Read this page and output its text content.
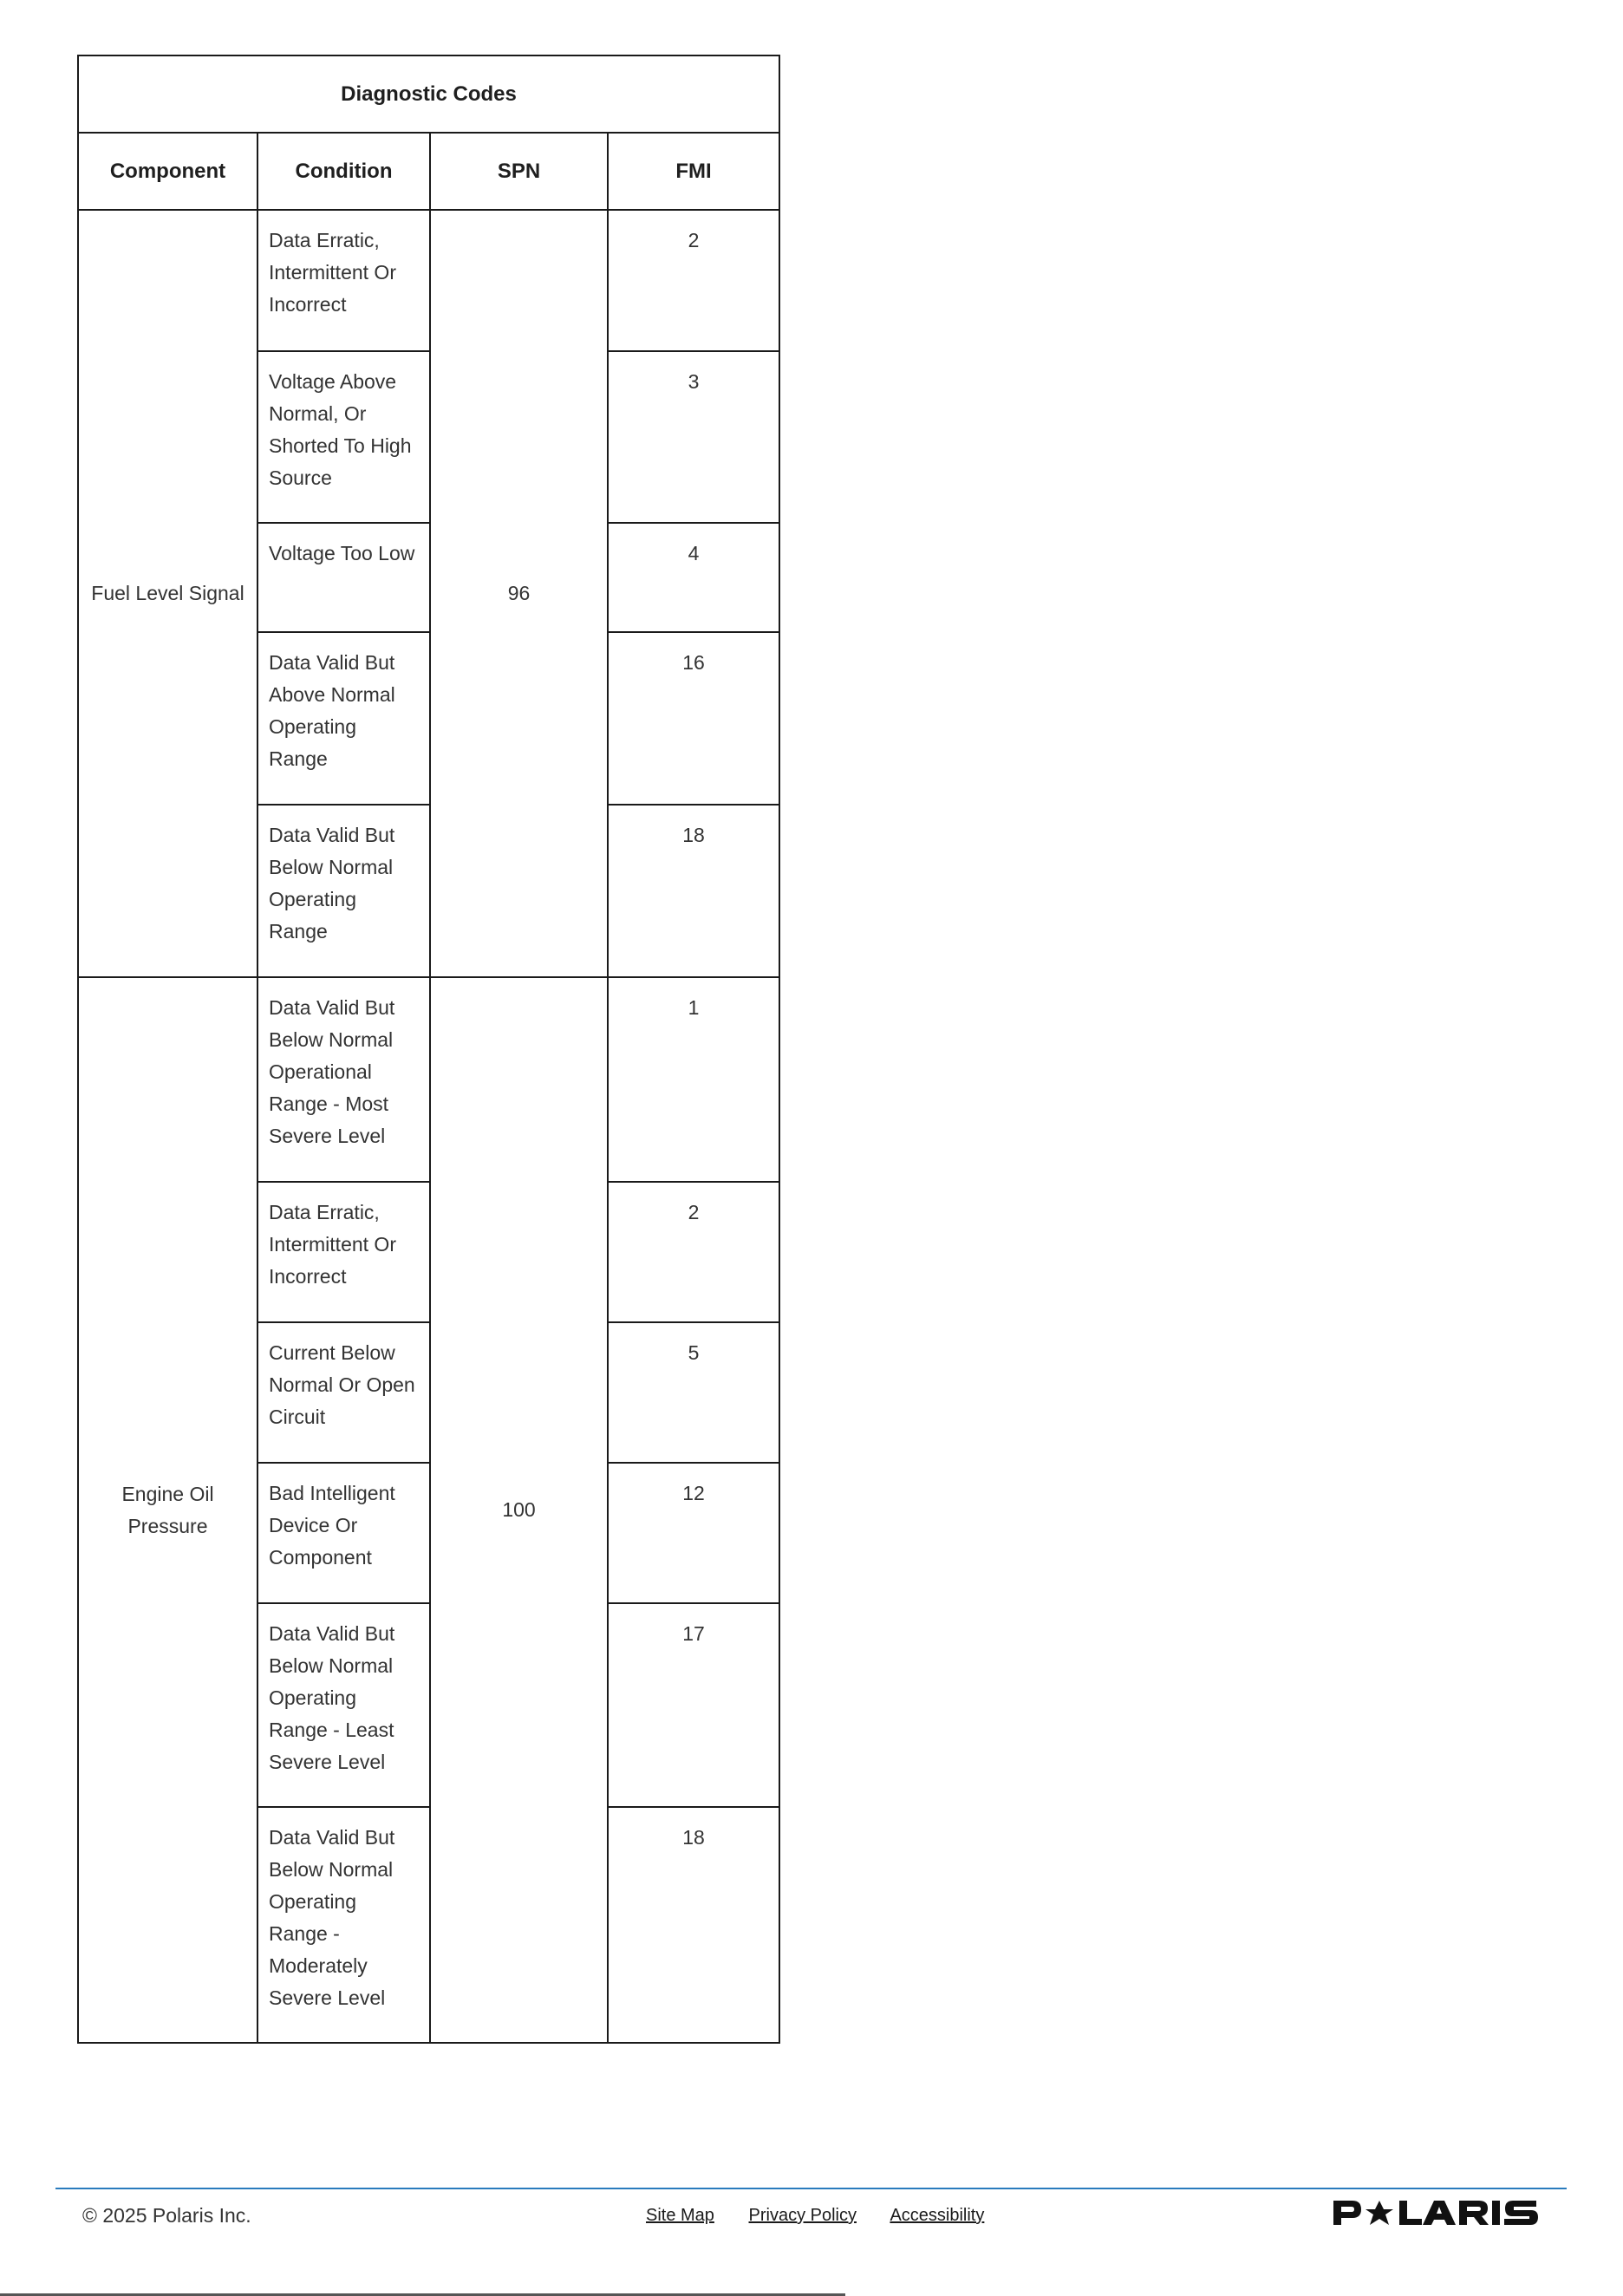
Diagnostic Codes			
Component	Condition	SPN	FMI
Fuel Level Signal	Data Erratic, Intermittent Or Incorrect	96	2
	Voltage Above Normal, Or Shorted To High Source		3
	Voltage Too Low		4
	Data Valid But Above Normal Operating Range		16
	Data Valid But Below Normal Operating Range		18
Engine Oil Pressure	Data Valid But Below Normal Operational Range - Most Severe Level	100	1
	Data Erratic, Intermittent Or Incorrect		2
	Current Below Normal Or Open Circuit		5
	Bad Intelligent Device Or Component		12
	Data Valid But Below Normal Operating Range - Least Severe Level		17
	Data Valid But Below Normal Operating Range - Moderately Severe Level		18
© 2025 Polaris Inc.	Site Map Privacy Policy Accessibility
